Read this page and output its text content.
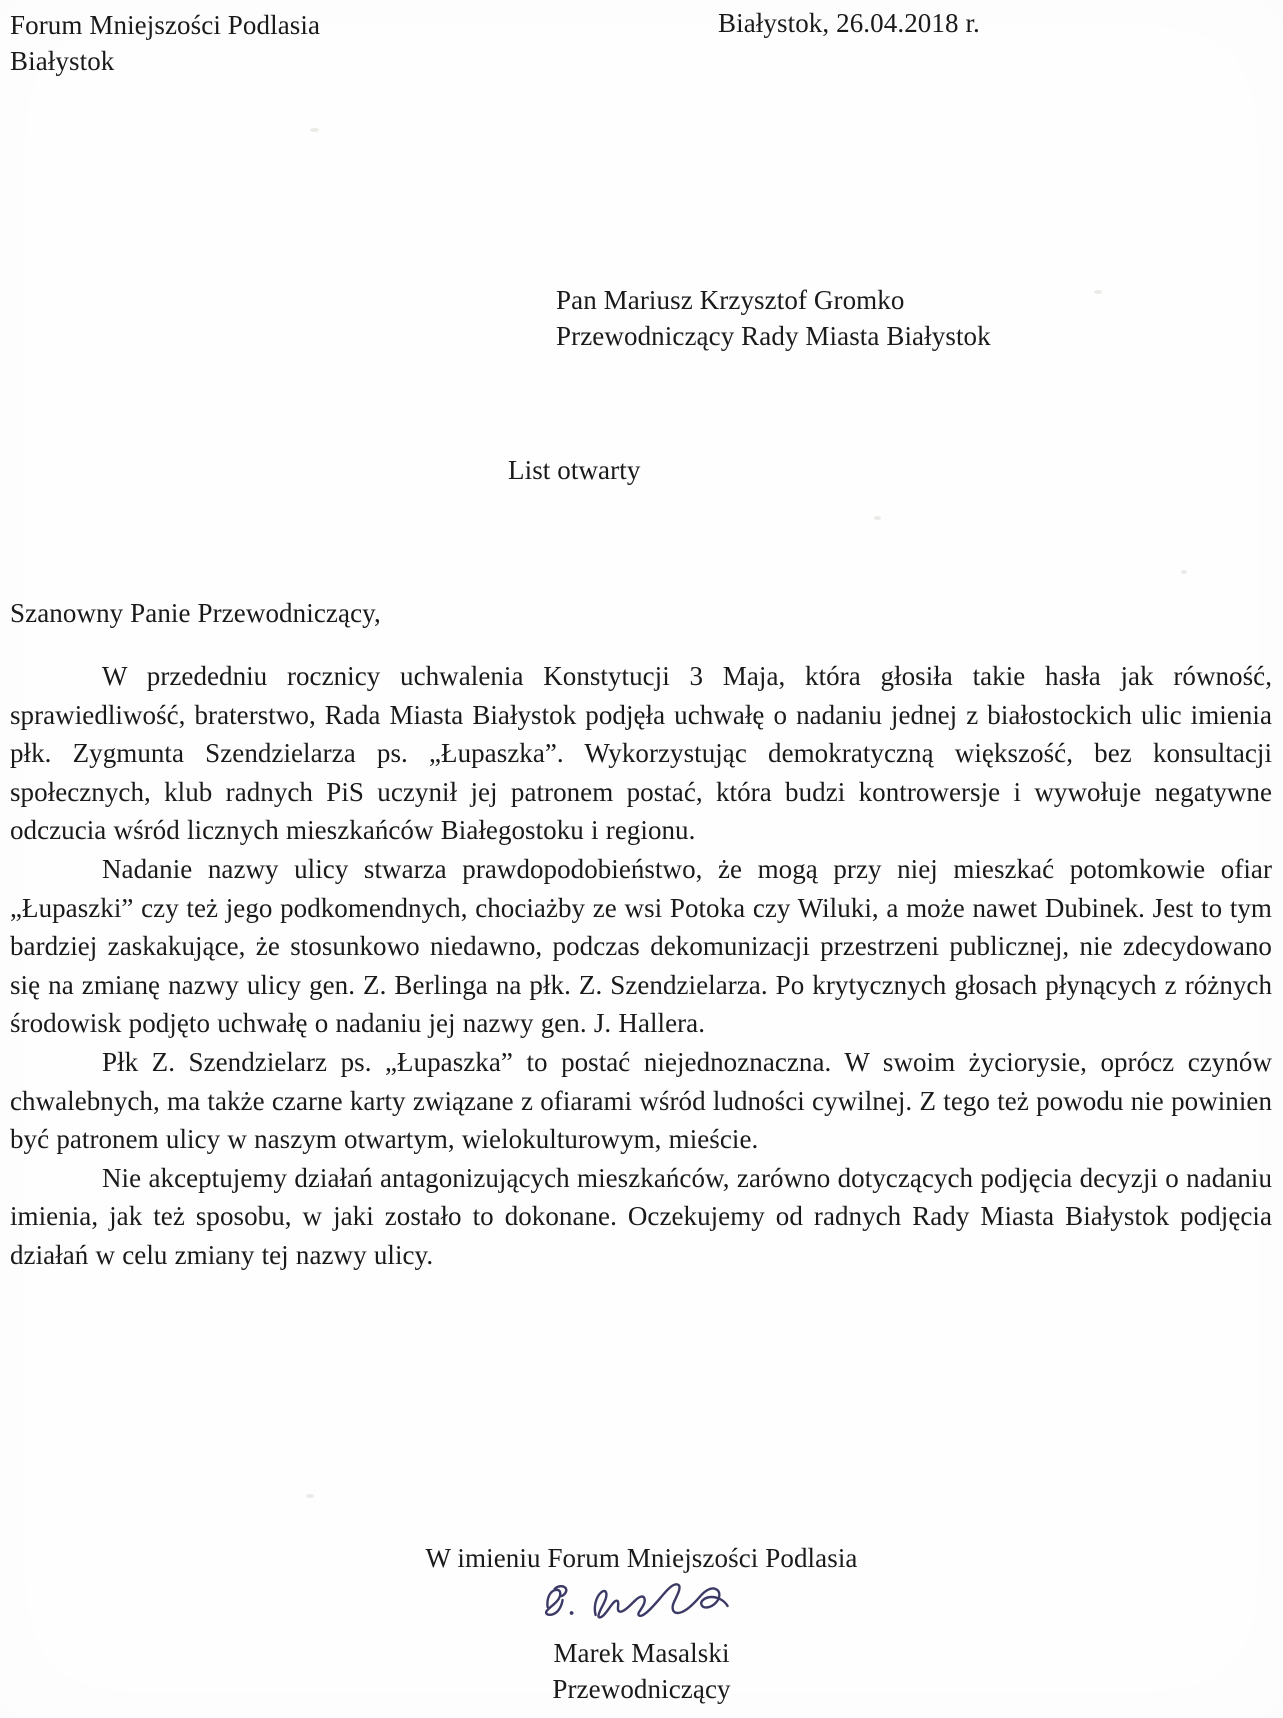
Forum Mniejszości Podlasia
Białystok
Białystok, 26.04.2018 r.
Pan Mariusz Krzysztof Gromko
Przewodniczący Rady Miasta Białystok
List otwarty
Szanowny Panie Przewodniczący,

W przededniu rocznicy uchwalenia Konstytucji 3 Maja, która głosiła takie hasła jak równość, sprawiedliwość, braterstwo, Rada Miasta Białystok podjęła uchwałę o nadaniu jednej z białostockich ulic imienia płk. Zygmunta Szendzielarza ps. „Łupaszka”. Wykorzystując demokratyczną większość, bez konsultacji społecznych, klub radnych PiS uczynił jej patronem postać, która budzi kontrowersje i wywołuje negatywne odczucia wśród licznych mieszkańców Białegostoku i regionu.

Nadanie nazwy ulicy stwarza prawdopodobieństwo, że mogą przy niej mieszkać potomkowie ofiar „Łupaszki” czy też jego podkomendnych, chociażby ze wsi Potoka czy Wiluki, a może nawet Dubinek. Jest to tym bardziej zaskakujące, że stosunkowo niedawno, podczas dekomunizacji przestrzeni publicznej, nie zdecydowano się na zmianę nazwy ulicy gen. Z. Berlinga na płk. Z. Szendzielarza. Po krytycznych głosach płynących z różnych środowisk podjęto uchwałę o nadaniu jej nazwy gen. J. Hallera.

Płk Z. Szendzielarz ps. „Łupaszka” to postać niejednoznaczna. W swoim życiorysie, oprócz czynów chwalebnych, ma także czarne karty związane z ofiarami wśród ludności cywilnej. Z tego też powodu nie powinien być patronem ulicy w naszym otwartym, wielokulturowym, mieście.

Nie akceptujemy działań antagonizujących mieszkańców, zarówno dotyczących podjęcia decyzji o nadaniu imienia, jak też sposobu, w jaki zostało to dokonane. Oczekujemy od radnych Rady Miasta Białystok podjęcia działań w celu zmiany tej nazwy ulicy.

W imieniu Forum Mniejszości Podlasia
Marek Masalski
Przewodniczący
